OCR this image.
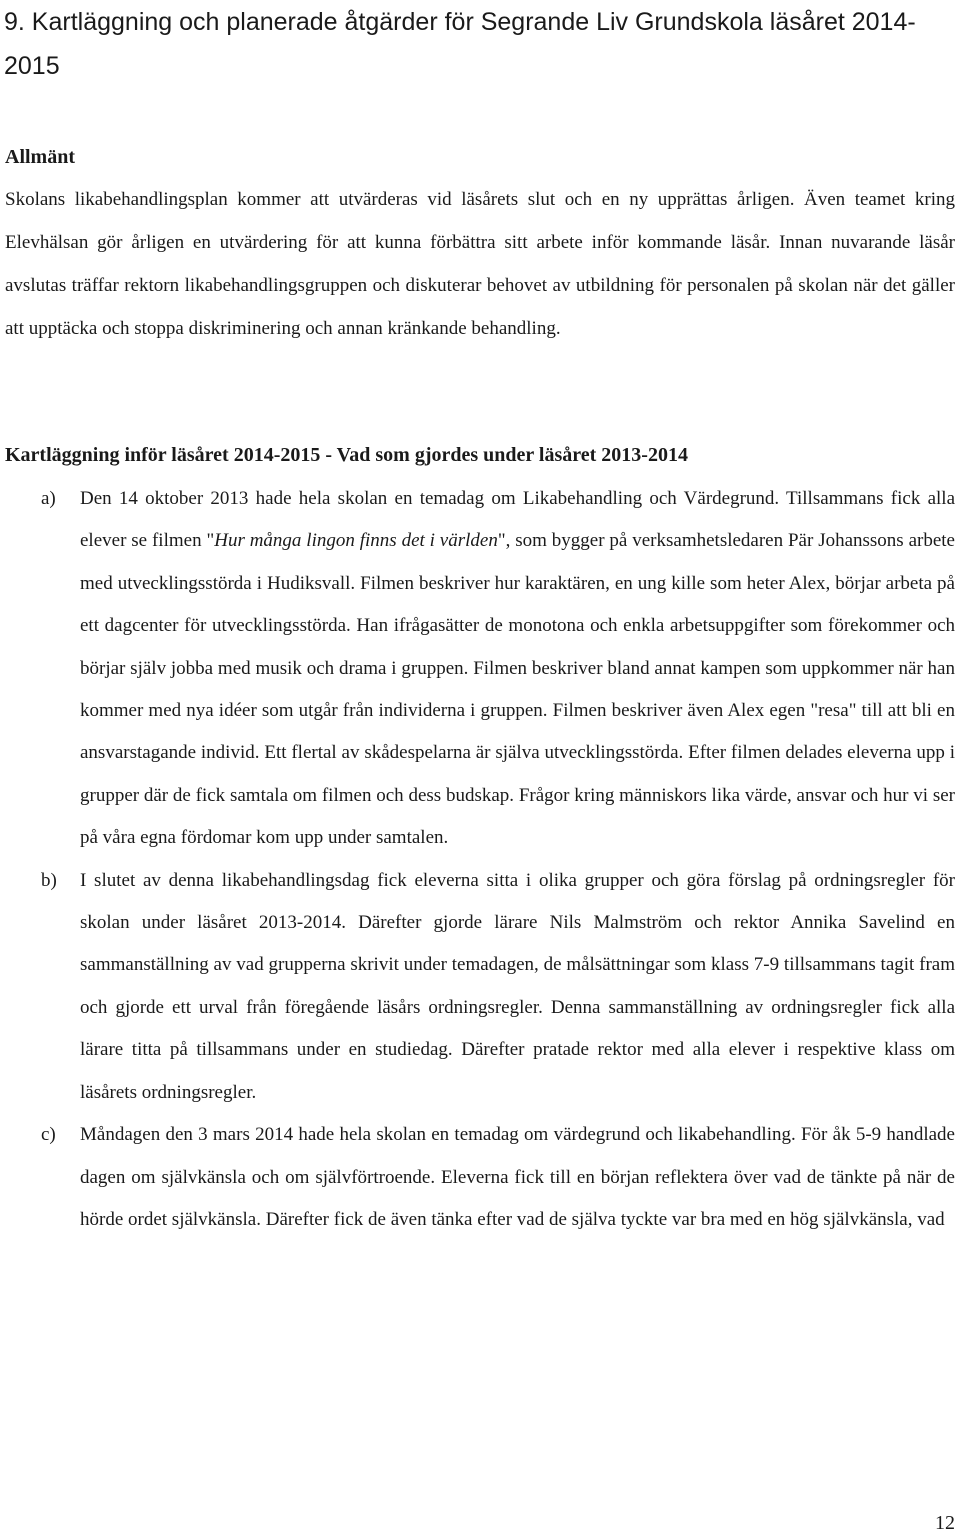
9. Kartläggning och planerade åtgärder för Segrande Liv Grundskola läsåret 2014-2015
Allmänt

Skolans likabehandlingsplan kommer att utvärderas vid läsårets slut och en ny upprättas årligen. Även teamet kring Elevhälsan gör årligen en utvärdering för att kunna förbättra sitt arbete inför kommande läsår. Innan nuvarande läsår avslutas träffar rektorn likabehandlingsgruppen och diskuterar behovet av utbildning för personalen på skolan när det gäller att upptäcka och stoppa diskriminering och annan kränkande behandling.

Kartläggning inför läsåret 2014-2015 - Vad som gjordes under läsåret 2013-2014
a) Den 14 oktober 2013 hade hela skolan en temadag om Likabehandling och Värdegrund. Tillsammans fick alla elever se filmen "Hur många lingon finns det i världen", som bygger på verksamhetsledaren Pär Johanssons arbete med utvecklingsstörda i Hudiksvall. Filmen beskriver hur karaktären, en ung kille som heter Alex, börjar arbeta på ett dagcenter för utvecklingsstörda. Han ifrågasätter de monotona och enkla arbetsuppgifter som förekommer och börjar själv jobba med musik och drama i gruppen. Filmen beskriver bland annat kampen som uppkommer när han kommer med nya idéer som utgår från individerna i gruppen. Filmen beskriver även Alex egen "resa" till att bli en ansvarstagande individ. Ett flertal av skådespelarna är själva utvecklingsstörda. Efter filmen delades eleverna upp i grupper där de fick samtala om filmen och dess budskap. Frågor kring människors lika värde, ansvar och hur vi ser på våra egna fördomar kom upp under samtalen.

b) I slutet av denna likabehandlingsdag fick eleverna sitta i olika grupper och göra förslag på ordningsregler för skolan under läsåret 2013-2014. Därefter gjorde lärare Nils Malmström och rektor Annika Savelind en sammanställning av vad grupperna skrivit under temadagen, de målsättningar som klass 7-9 tillsammans tagit fram och gjorde ett urval från föregående läsårs ordningsregler. Denna sammanställning av ordningsregler fick alla lärare titta på tillsammans under en studiedag. Därefter pratade rektor med alla elever i respektive klass om läsårets ordningsregler.

c) Måndagen den 3 mars 2014 hade hela skolan en temadag om värdegrund och likabehandling. För åk 5-9 handlade dagen om självkänsla och om självförtroende. Eleverna fick till en början reflektera över vad de tänkte på när de hörde ordet självkänsla. Därefter fick de även tänka efter vad de själva tyckte var bra med en hög självkänsla, vad

12
